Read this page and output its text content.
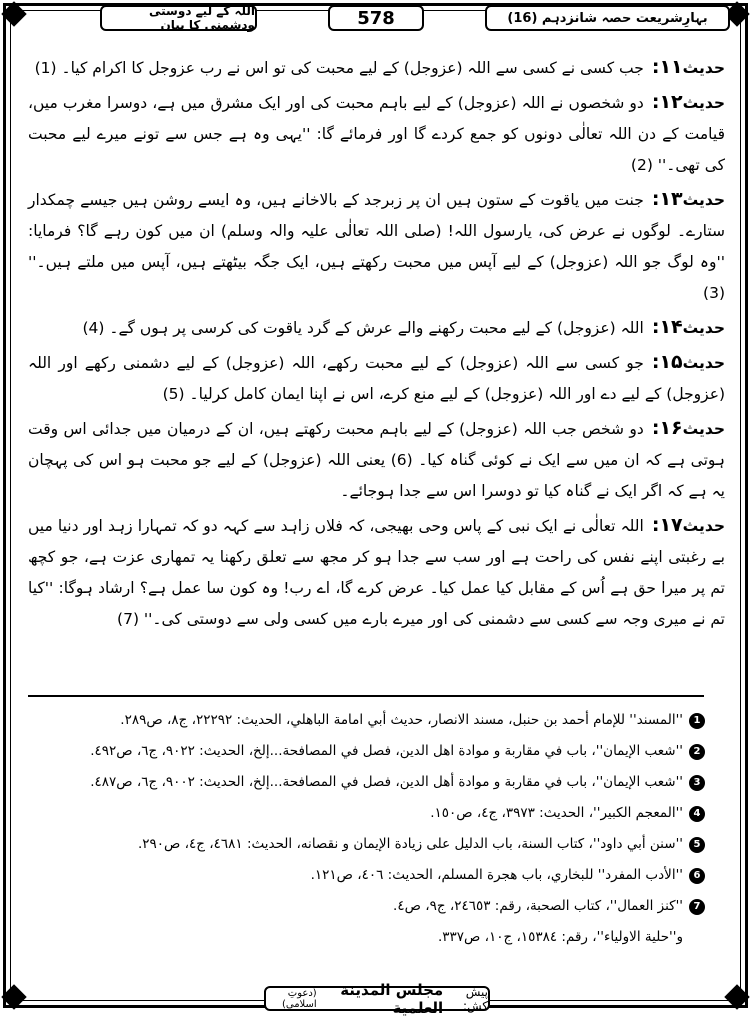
بہارِشریعت حصہ شانزدہم (16)
578
اللہ کے لیے دوستی ودشمنی کا بیان

حدیث۱۱:جب کسی نے کسی سے اللہ (عزوجل) کے لیے محبت کی تو اس نے رب عزوجل کا اکرام کیا۔ (1)

حدیث۱۲:دو شخصوں نے اللہ (عزوجل) کے لیے باہم محبت کی اور ایک مشرق میں ہے، دوسرا مغرب میں، قیامت کے دن اللہ تعالٰی دونوں کو جمع کردے گا اور فرمائے گا: ''یہی وہ ہے جس سے تونے میرے لیے محبت کی تھی۔'' (2)

حدیث۱۳:جنت میں یاقوت کے ستون ہیں ان پر زبرجد کے بالاخانے ہیں، وہ ایسے روشن ہیں جیسے چمکدار ستارے۔ لوگوں نے عرض کی، یارسول اللہ! (صلی اللہ تعالٰی علیہ والہ وسلم) ان میں کون رہے گا؟ فرمایا: ''وہ لوگ جو اللہ (عزوجل) کے لیے آپس میں محبت رکھتے ہیں، ایک جگہ بیٹھتے ہیں، آپس میں ملتے ہیں۔'' (3)

حدیث۱۴:اللہ (عزوجل) کے لیے محبت رکھنے والے عرش کے گرد یاقوت کی کرسی پر ہوں گے۔ (4)

حدیث۱۵:جو کسی سے اللہ (عزوجل) کے لیے محبت رکھے، اللہ (عزوجل) کے لیے دشمنی رکھے اور اللہ (عزوجل) کے لیے دے اور اللہ (عزوجل) کے لیے منع کرے، اس نے اپنا ایمان کامل کرلیا۔ (5)

حدیث۱۶:دو شخص جب اللہ (عزوجل) کے لیے باہم محبت رکھتے ہیں، ان کے درمیان میں جدائی اس وقت ہوتی ہے کہ ان میں سے ایک نے کوئی گناہ کیا۔ (6) یعنی اللہ (عزوجل) کے لیے جو محبت ہو اس کی پہچان یہ ہے کہ اگر ایک نے گناہ کیا تو دوسرا اس سے جدا ہوجائے۔

حدیث۱۷:اللہ تعالٰی نے ایک نبی کے پاس وحی بھیجی، کہ فلاں زاہد سے کہہ دو کہ تمہارا زہد اور دنیا میں بے رغبتی اپنے نفس کی راحت ہے اور سب سے جدا ہو کر مجھ سے تعلق رکھنا یہ تمھاری عزت ہے، جو کچھ تم پر میرا حق ہے اُس کے مقابل کیا عمل کیا۔ عرض کرے گا، اے رب! وہ کون سا عمل ہے؟ ارشاد ہوگا: ''کیا تم نے میری وجہ سے کسی سے دشمنی کی اور میرے بارے میں کسی ولی سے دوستی کی۔'' (7)

1
''المسند'' للإمام أحمد بن حنبل، مسند الانصار، حديث أبي امامة الباهلي، الحديث: ٢٢٢٩٢، ج٨، ص٢٨٩.
2
''شعب الإيمان''، باب في مقاربة و موادة اهل الدين، فصل في المصافحة...إلخ، الحديث: ٩٠٢٢، ج٦، ص٤٩٢.
3
''شعب الإيمان''، باب في مقاربة و موادة أهل الدين، فصل في المصافحة...إلخ، الحديث: ٩٠٠٢، ج٦، ص٤٨٧.
4
''المعجم الكبير''، الحديث: ٣٩٧٣، ج٤، ص١٥٠.
5
''سنن أبي داود''، كتاب السنة، باب الدليل على زيادة الإيمان و نقصانه، الحديث: ٤٦٨١، ج٤، ص٢٩٠.
6
''الأدب المفرد'' للبخاري، باب هجرة المسلم، الحديث: ٤٠٦، ص١٢١.
7
''كنز العمال''، كتاب الصحبة، رقم: ٢٤٦٥٣، ج٩، ص٤.
و''حلية الاولياء''، رقم: ١٥٣٨٤، ج١٠، ص٣٣٧.
پیش کش:
مجلس المدينة العلمية
(دعوتِ اسلامی)
